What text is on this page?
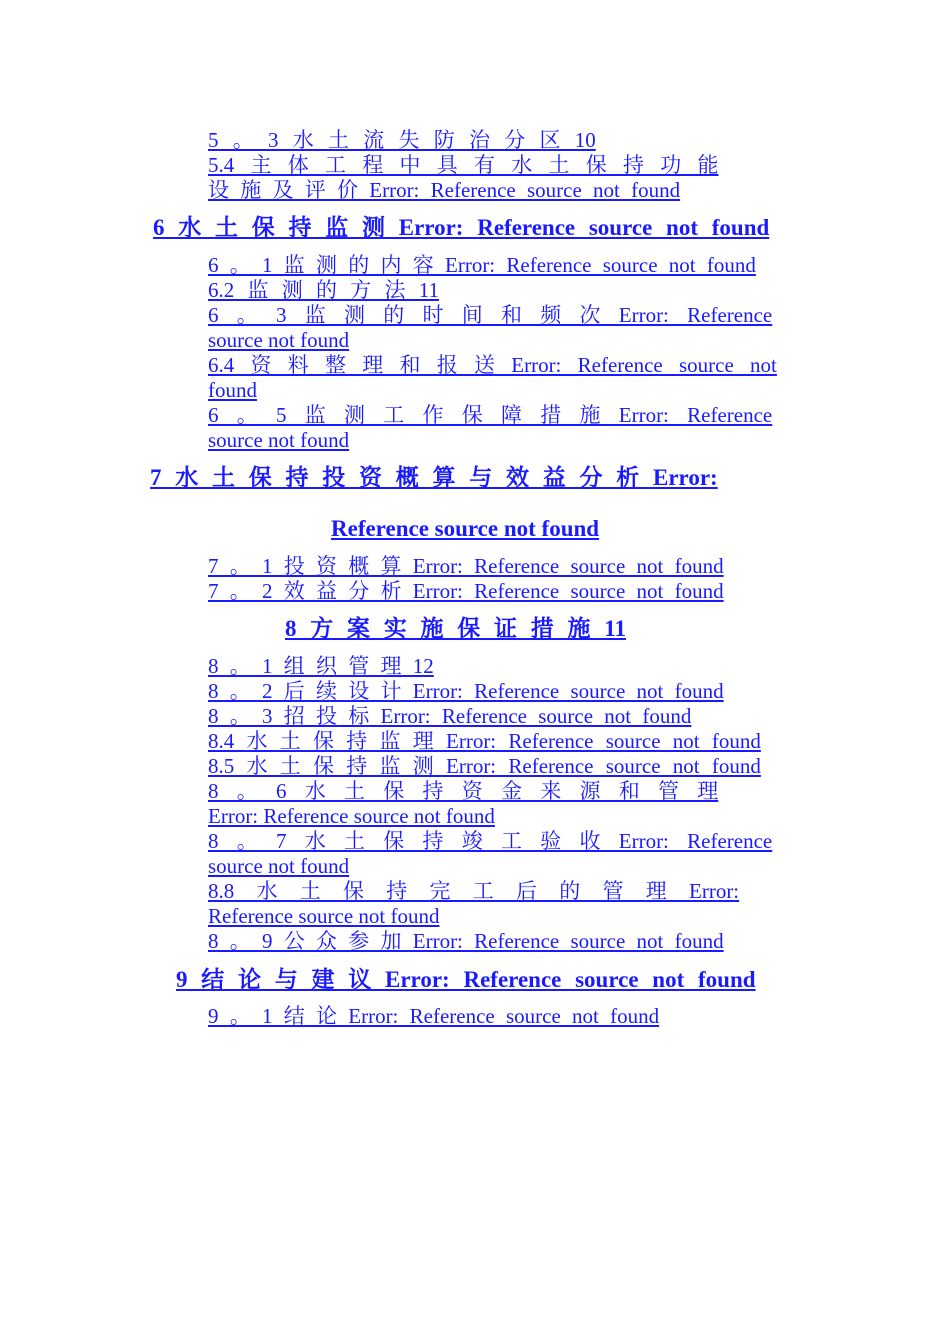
5 。 3 水 土 流 失 防 治 分 区 10
5.4 主 体 工 程 中 具 有 水 土 保 持 功 能
设 施 及 评 价 Error: Reference source not found
6 水 土 保 持 监 测 Error: Reference source not found
6 。 1 监 测 的 内 容 Error: Reference source not found
6.2 监 测 的 方 法 11
6 。 3 监 测 的 时 间 和 频 次 Error: Reference
source not found
6.4 资 料 整 理 和 报 送 Error: Reference source not
found
6 。 5 监 测 工 作 保 障 措 施 Error: Reference
source not found
7 水 土 保 持 投 资 概 算 与 效 益 分 析 Error:
Reference source not found
7 。 1 投 资 概 算 Error: Reference source not found
7 。 2 效 益 分 析 Error: Reference source not found
8 方 案 实 施 保 证 措 施 11
8 。 1 组 织 管 理 12
8 。 2 后 续 设 计 Error: Reference source not found
8 。 3 招 投 标 Error: Reference source not found
8.4 水 土 保 持 监 理 Error: Reference source not found
8.5 水 土 保 持 监 测 Error: Reference source not found
8 。 6 水 土 保 持 资 金 来 源 和 管 理
Error: Reference source not found
8 。 7 水 土 保 持 竣 工 验 收 Error: Reference
source not found
8.8 水 土 保 持 完 工 后 的 管 理 Error:
Reference source not found
8 。 9 公 众 参 加 Error: Reference source not found
9 结 论 与 建 议 Error: Reference source not found
9 。 1 结 论 Error: Reference source not found
